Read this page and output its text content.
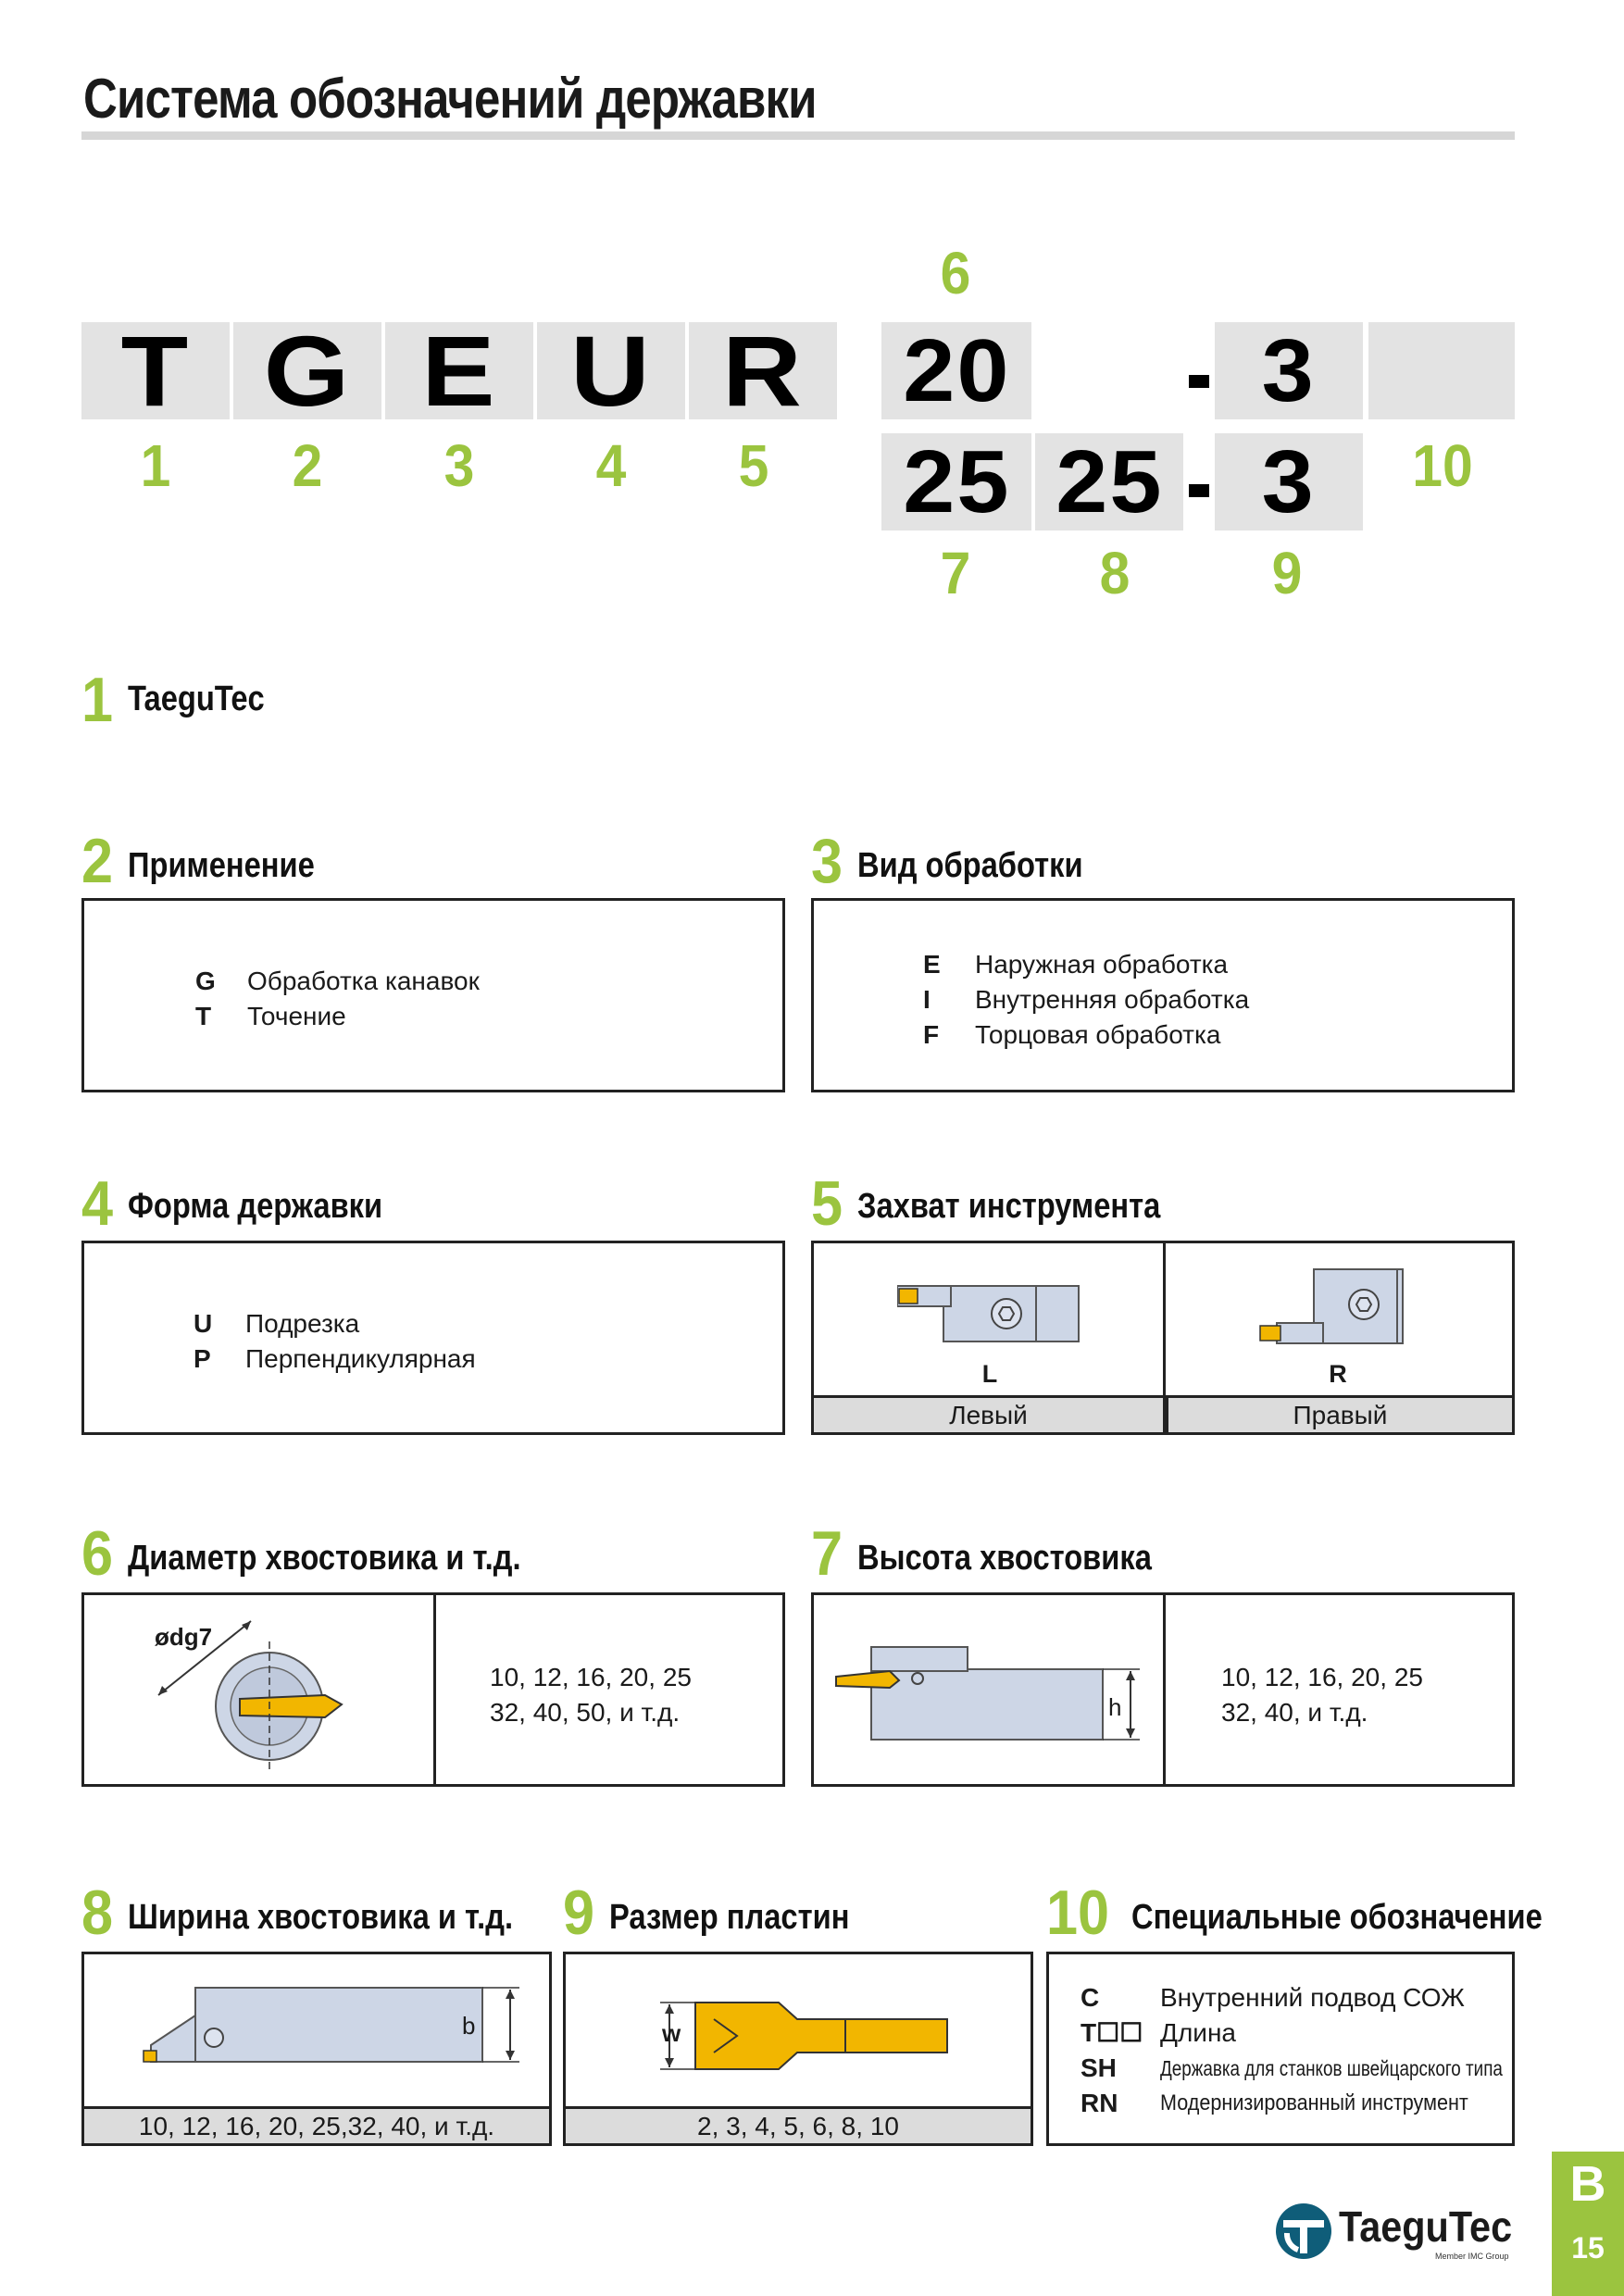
Система обозначений державки
6
T G E U R 20	3
1	2	3	4	5	10
25 25 3
7	8	9
1 TaeguTec
2 Применение
G	Обработка канавок
T	Точение
3 Вид обработки
E	Наружная обработка
I	Внутренняя обработка
F	Торцовая обработка
4 Форма державки
U	Подрезка
P	Перпендикулярная
5 Захват инструмента
L	R
Левый	Правый
6 Диаметр хвостовика и т.д.
ødg7
10, 12, 16, 20, 25
32, 40, 50, и т.д.
7 Высота хвостовика
h
10, 12, 16, 20, 25
32, 40, и т.д.
8 Ширина хвостовика и т.д.
b
10, 12, 16, 20, 25,32, 40, и т.д.
9 Размер пластин
w
2, 3, 4, 5, 6, 8, 10
10 Специальные обозначение
C	Внутренний подвод СОЖ
T☐☐ Длина
SH	Державка для станков швейцарского типа
RN	Модернизированный инструмент
TaeguTec
Member IMC Group
B
15
